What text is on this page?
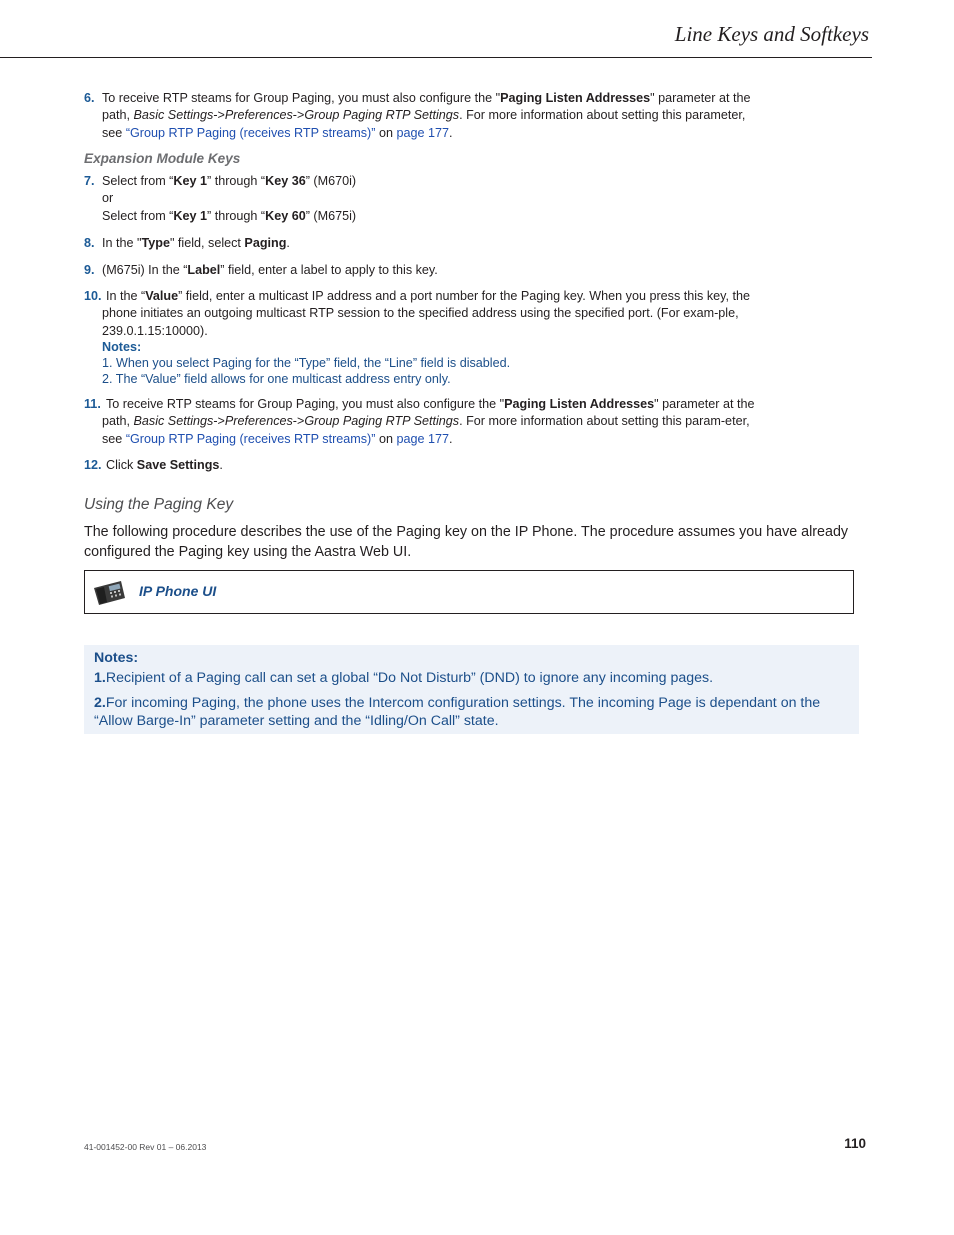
Line Keys and Softkeys
6. To receive RTP steams for Group Paging, you must also configure the "Paging Listen Addresses" parameter at the path, Basic Settings->Preferences->Group Paging RTP Settings. For more information about setting this parameter, see “Group RTP Paging (receives RTP streams)” on page 177.
Expansion Module Keys
7. Select from “Key 1” through “Key 36” (M670i)
or
Select from “Key 1” through “Key 60” (M675i)
8. In the "Type" field, select Paging.
9. (M675i) In the “Label” field, enter a label to apply to this key.
10. In the “Value” field, enter a multicast IP address and a port number for the Paging key. When you press this key, the phone initiates an outgoing multicast RTP session to the specified address using the specified port. (For exam-ple, 239.0.1.15:10000).
Notes:
1. When you select Paging for the “Type” field, the “Line” field is disabled.
2. The “Value” field allows for one multicast address entry only.
11. To receive RTP steams for Group Paging, you must also configure the "Paging Listen Addresses" parameter at the path, Basic Settings->Preferences->Group Paging RTP Settings. For more information about setting this param-eter, see “Group RTP Paging (receives RTP streams)” on page 177.
12. Click Save Settings.
Using the Paging Key
The following procedure describes the use of the Paging key on the IP Phone. The procedure assumes you have already configured the Paging key using the Aastra Web UI.
IP Phone UI
Notes:

1.Recipient of a Paging call can set a global “Do Not Disturb” (DND) to ignore any incoming pages.

2.For incoming Paging, the phone uses the Intercom configuration settings. The incoming Page is dependant on the “Allow Barge-In” parameter setting and the “Idling/On Call” state.

41-001452-00 Rev 01 – 06.2013	110
